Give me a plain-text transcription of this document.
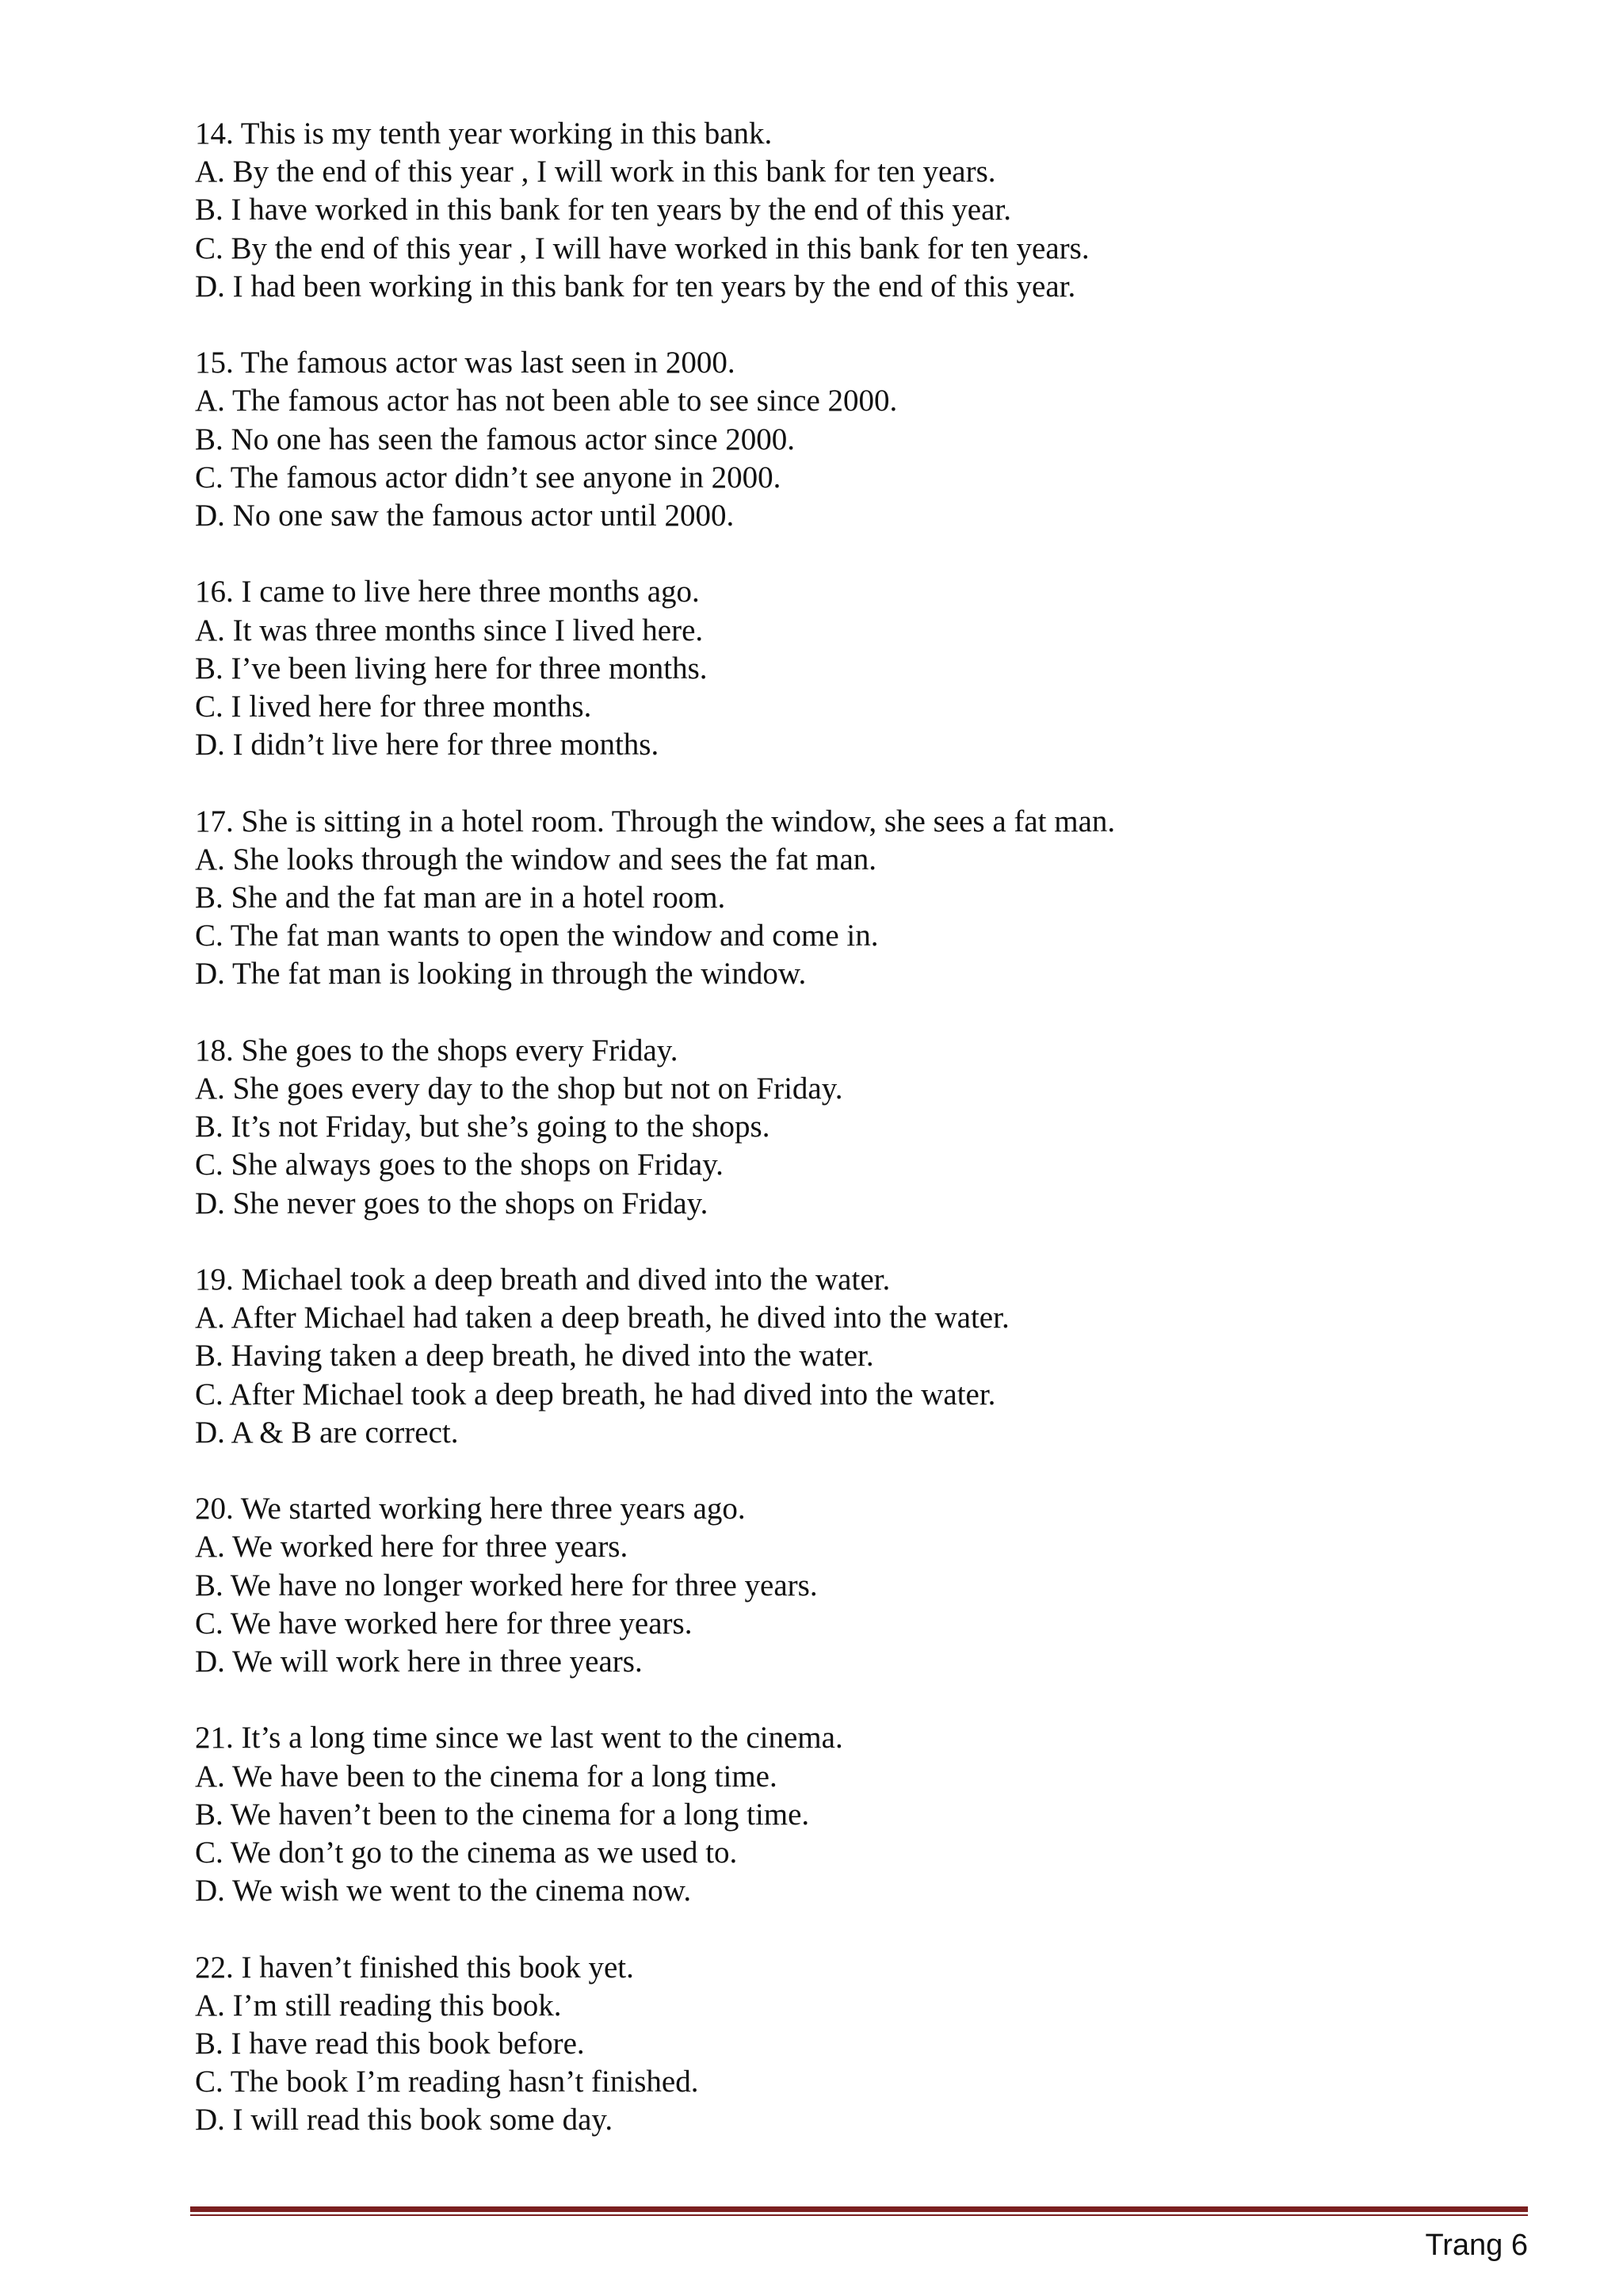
14. This is my tenth year working in this bank.
A. By the end of this year , I will work in this bank for ten years.
B. I have worked in this bank for ten years by the end of this year.
C. By the end of this year , I will have worked in this bank for ten years.
D. I had been working in this bank for ten years by the end of this year.
15. The famous actor was last seen in 2000.
A. The famous actor has not been able to see since 2000.
B. No one has seen the famous actor since 2000.
C. The famous actor didn’t see anyone in 2000.
D. No one saw the famous actor until 2000.
16. I came to live here three months ago.
A. It was three months since I lived here.
B. I’ve been living here for three months.
C. I lived here for three months.
D. I didn’t live here for three months.
17. She is sitting in a hotel room. Through the window, she sees a fat man.
A. She looks through the window and sees the fat man.
B. She and the fat man are in a hotel room.
C. The fat man wants to open the window and come in.
D. The fat man is looking in through the window.
18. She goes to the shops every Friday.
A. She goes every day to the shop but not on Friday.
B. It’s not Friday, but she’s going to the shops.
C. She always goes to the shops on Friday.
D. She never goes to the shops on Friday.
19. Michael took a deep breath and dived into the water.
A. After Michael had taken a deep breath, he dived into the water.
B. Having taken a deep breath, he dived into the water.
C. After Michael took a deep breath, he had dived into the water.
D. A & B are correct.
20. We started working here three years ago.
A. We worked here for three years.
B. We have no longer worked here for three years.
C. We have worked here for three years.
D. We will work here in three years.
21. It’s a long time since we last went to the cinema.
A. We have been to the cinema for a long time.
B. We haven’t been to the cinema for a long time.
C. We don’t go to the cinema as we used to.
D. We wish we went to the cinema now.
22. I haven’t finished this book yet.
A. I’m still reading this book.
B. I have read this book before.
C. The book I’m reading hasn’t finished.
D. I will read this book some day.
Trang 6
